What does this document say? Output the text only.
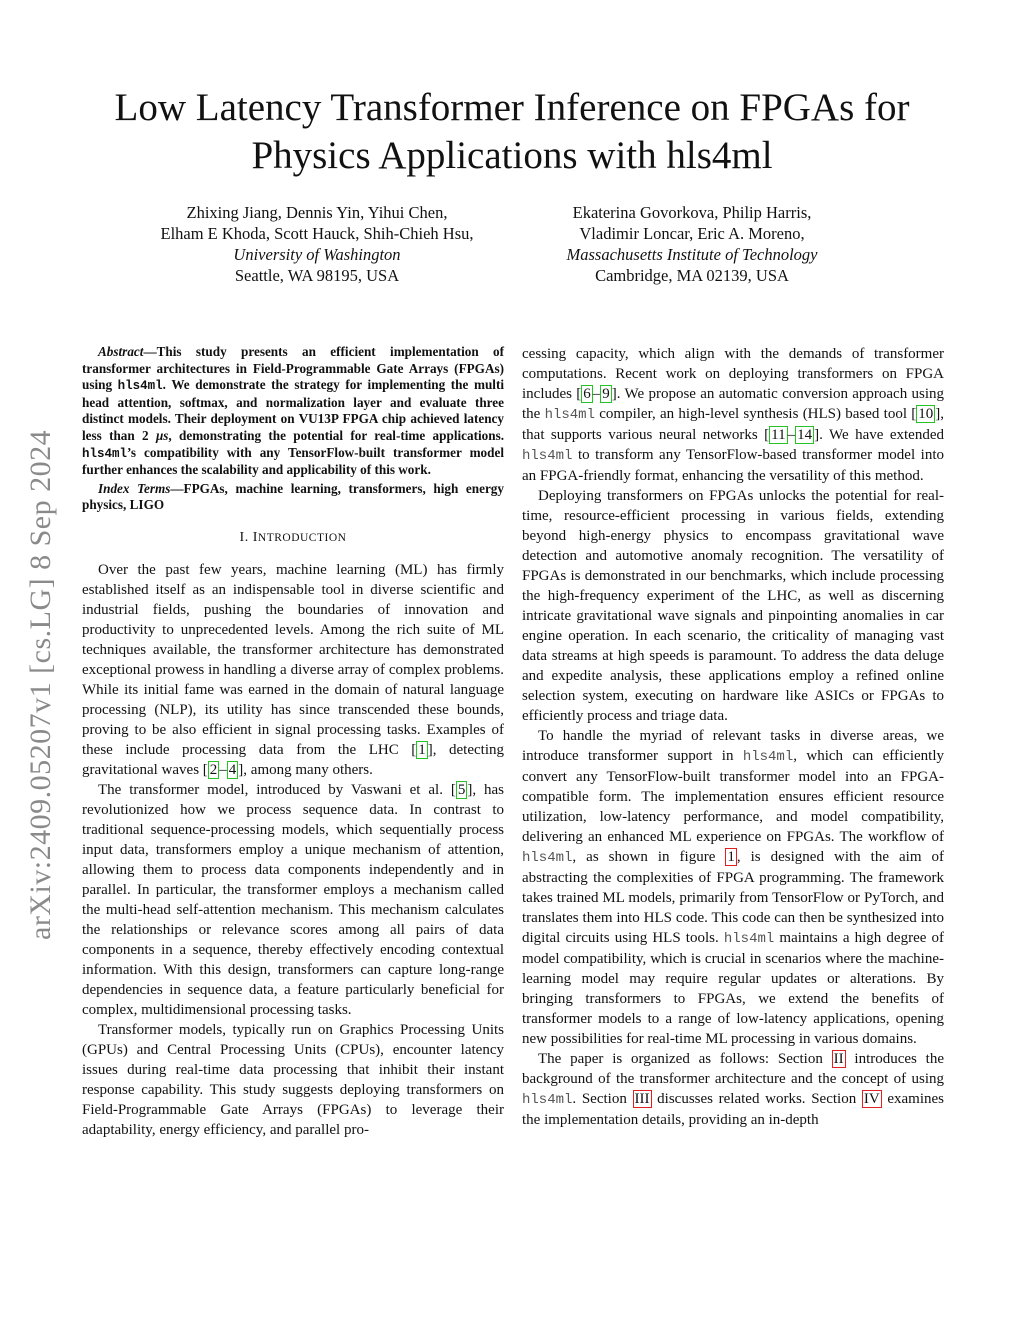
arXiv:2409.05207v1 [cs.LG] 8 Sep 2024
Low Latency Transformer Inference on FPGAs for Physics Applications with hls4ml
Zhixing Jiang, Dennis Yin, Yihui Chen,
Elham E Khoda, Scott Hauck, Shih-Chieh Hsu,
University of Washington
Seattle, WA 98195, USA
Ekaterina Govorkova, Philip Harris,
Vladimir Loncar, Eric A. Moreno,
Massachusetts Institute of Technology
Cambridge, MA 02139, USA

Abstract—This study presents an efficient implementation of transformer architectures in Field-Programmable Gate Arrays (FPGAs) using hls4ml. We demonstrate the strategy for implementing the multi head attention, softmax, and normalization layer and evaluate three distinct models. Their deployment on VU13P FPGA chip achieved latency less than 2 μs, demonstrating the potential for real-time applications. hls4ml’s compatibility with any TensorFlow-built transformer model further enhances the scalability and applicability of this work.

Index Terms—FPGAs, machine learning, transformers, high energy physics, LIGO

I. INTRODUCTION

Over the past few years, machine learning (ML) has firmly established itself as an indispensable tool in diverse scientific and industrial fields, pushing the boundaries of innovation and productivity to unprecedented levels. Among the rich suite of ML techniques available, the transformer architecture has demonstrated exceptional prowess in handling a diverse array of complex problems. While its initial fame was earned in the domain of natural language processing (NLP), its utility has since transcended these bounds, proving to be also efficient in signal processing tasks. Examples of these include processing data from the LHC [ 1 ], detecting gravitational waves [ 2 – 4 ], among many others.

The transformer model, introduced by Vaswani et al. [ 5 ], has revolutionized how we process sequence data. In contrast to traditional sequence-processing models, which sequentially process input data, transformers employ a unique mechanism of attention, allowing them to process data components independently and in parallel. In particular, the transformer employs a mechanism called the multi-head self-attention mechanism. This mechanism calculates the relationships or relevance scores among all pairs of data components in a sequence, thereby effectively encoding contextual information. With this design, transformers can capture long-range dependencies in sequence data, a feature particularly beneficial for complex, multidimensional processing tasks.

Transformer models, typically run on Graphics Processing Units (GPUs) and Central Processing Units (CPUs), encounter latency issues during real-time data processing that inhibit their instant response capability. This study suggests deploying transformers on Field-Programmable Gate Arrays (FPGAs) to leverage their adaptability, energy efficiency, and parallel pro-

cessing capacity, which align with the demands of transformer computations. Recent work on deploying transformers on FPGA includes [ 6 – 9 ]. We propose an automatic conversion approach using the hls4ml compiler, an high-level synthesis (HLS) based tool [ 10 ], that supports various neural networks [ 11 – 14 ]. We have extended hls4ml to transform any TensorFlow-based transformer model into an FPGA-friendly format, enhancing the versatility of this method.

Deploying transformers on FPGAs unlocks the potential for real-time, resource-efficient processing in various fields, extending beyond high-energy physics to encompass gravitational wave detection and automotive anomaly recognition. The versatility of FPGAs is demonstrated in our benchmarks, which include processing the high-frequency experiment of the LHC, as well as discerning intricate gravitational wave signals and pinpointing anomalies in car engine operation. In each scenario, the criticality of managing vast data streams at high speeds is paramount. To address the data deluge and expedite analysis, these applications employ a refined online selection system, executing on hardware like ASICs or FPGAs to efficiently process and triage data.

To handle the myriad of relevant tasks in diverse areas, we introduce transformer support in hls4ml, which can efficiently convert any TensorFlow-built transformer model into an FPGA-compatible form. The implementation ensures efficient resource utilization, low-latency performance, and model compatibility, delivering an enhanced ML experience on FPGAs. The workflow of hls4ml, as shown in figure 1 , is designed with the aim of abstracting the complexities of FPGA programming. The framework takes trained ML models, primarily from TensorFlow or PyTorch, and translates them into HLS code. This code can then be synthesized into digital circuits using HLS tools. hls4ml maintains a high degree of model compatibility, which is crucial in scenarios where the machine-learning model may require regular updates or alterations. By bringing transformers to FPGAs, we extend the benefits of transformer models to a range of low-latency applications, opening new possibilities for real-time ML processing in various domains.

The paper is organized as follows: Section II introduces the background of the transformer architecture and the concept of using hls4ml. Section III discusses related works. Section IV examines the implementation details, providing an in-depth
